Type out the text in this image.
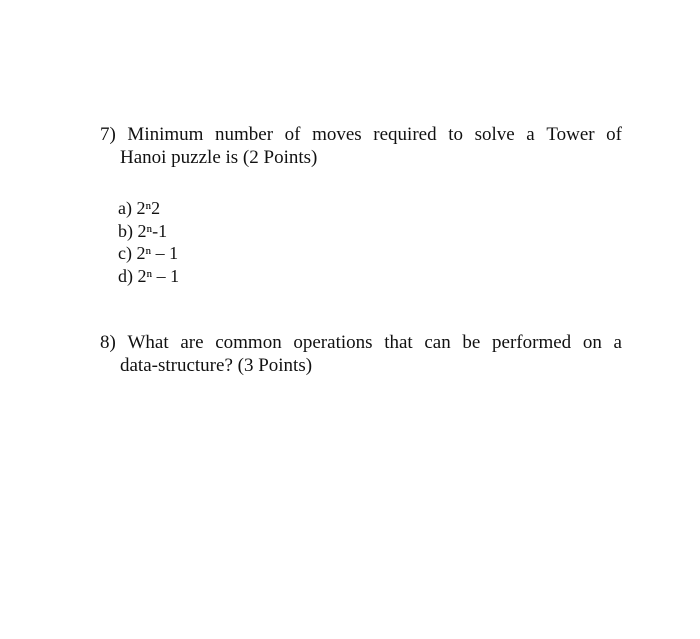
7) Minimum number of moves required to solve a Tower of
Hanoi puzzle is (2 Points)
a) 2ⁿ2
b) 2ⁿ-1
c) 2ⁿ – 1
d) 2ⁿ – 1
8) What are common operations that can be performed on a
data-structure? (3 Points)
